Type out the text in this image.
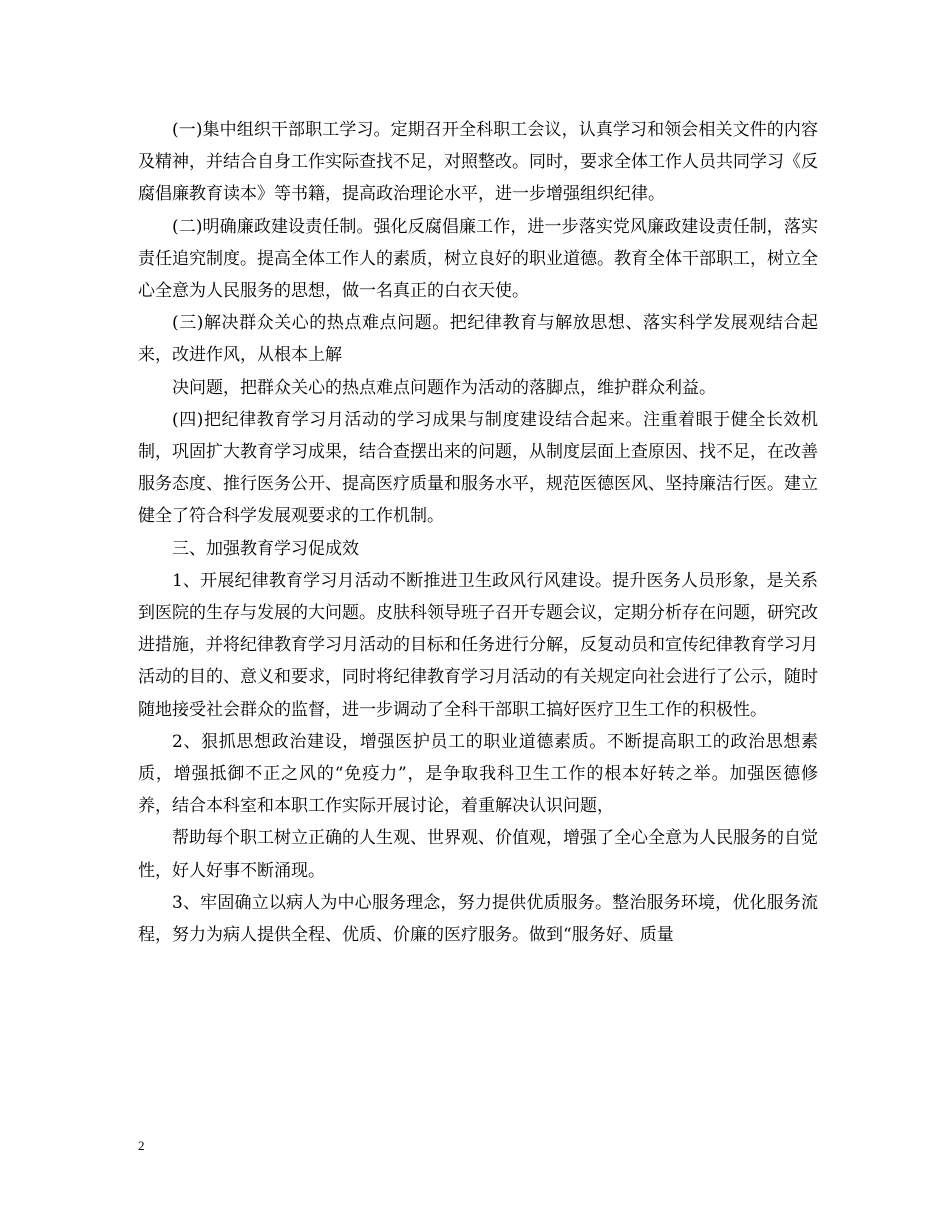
(一)集中组织干部职工学习。定期召开全科职工会议，认真学习和领会相关文件的内容及精神，并结合自身工作实际查找不足，对照整改。同时，要求全体工作人员共同学习《反腐倡廉教育读本》等书籍，提高政治理论水平，进一步增强组织纪律。

(二)明确廉政建设责任制。强化反腐倡廉工作，进一步落实党风廉政建设责任制，落实责任追究制度。提高全体工作人的素质，树立良好的职业道德。教育全体干部职工，树立全心全意为人民服务的思想，做一名真正的白衣天使。

(三)解决群众关心的热点难点问题。把纪律教育与解放思想、落实科学发展观结合起来，改进作风，从根本上解

决问题，把群众关心的热点难点问题作为活动的落脚点，维护群众利益。

(四)把纪律教育学习月活动的学习成果与制度建设结合起来。注重着眼于健全长效机制，巩固扩大教育学习成果，结合查摆出来的问题，从制度层面上查原因、找不足，在改善服务态度、推行医务公开、提高医疗质量和服务水平，规范医德医风、坚持廉洁行医。建立健全了符合科学发展观要求的工作机制。

三、加强教育学习促成效

1、开展纪律教育学习月活动不断推进卫生政风行风建设。提升医务人员形象，是关系到医院的生存与发展的大问题。皮肤科领导班子召开专题会议，定期分析存在问题，研究改进措施，并将纪律教育学习月活动的目标和任务进行分解，反复动员和宣传纪律教育学习月活动的目的、意义和要求，同时将纪律教育学习月活动的有关规定向社会进行了公示，随时随地接受社会群众的监督，进一步调动了全科干部职工搞好医疗卫生工作的积极性。

2、狠抓思想政治建设，增强医护员工的职业道德素质。不断提高职工的政治思想素质，增强抵御不正之风的“免疫力”，是争取我科卫生工作的根本好转之举。加强医德修养，结合本科室和本职工作实际开展讨论，着重解决认识问题，

帮助每个职工树立正确的人生观、世界观、价值观，增强了全心全意为人民服务的自觉性，好人好事不断涌现。

3、牢固确立以病人为中心服务理念，努力提供优质服务。整治服务环境，优化服务流程，努力为病人提供全程、优质、价廉的医疗服务。做到“服务好、质量

2
